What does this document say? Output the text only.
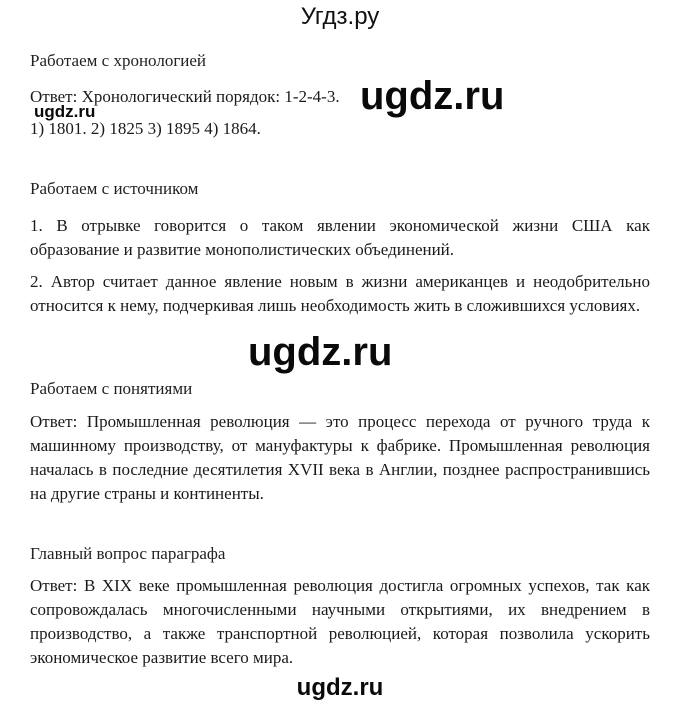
Угдз.ру
Работаем с хронологией
Ответ: Хронологический порядок: 1-2-4-3.
ugdz.ru
1) 1801. 2) 1825 3) 1895 4) 1864.
ugdz.ru
Работаем с источником
1. В отрывке говорится о таком явлении экономической жизни США как образование и развитие монополистических объединений.
2. Автор считает данное явление новым в жизни американцев и неодобрительно относится к нему, подчеркивая лишь необходимость жить в сложившихся условиях.
ugdz.ru
Работаем с понятиями
Ответ: Промышленная революция — это процесс перехода от ручного труда к машинному производству, от мануфактуры к фабрике. Промышленная революция началась в последние десятилетия XVII века в Англии, позднее распространившись на другие страны и континенты.
Главный вопрос параграфа
Ответ: В XIX веке промышленная революция достигла огромных успехов, так как сопровождалась многочисленными научными открытиями, их внедрением в производство, а также транспортной революцией, которая позволила ускорить экономическое развитие всего мира.
ugdz.ru
